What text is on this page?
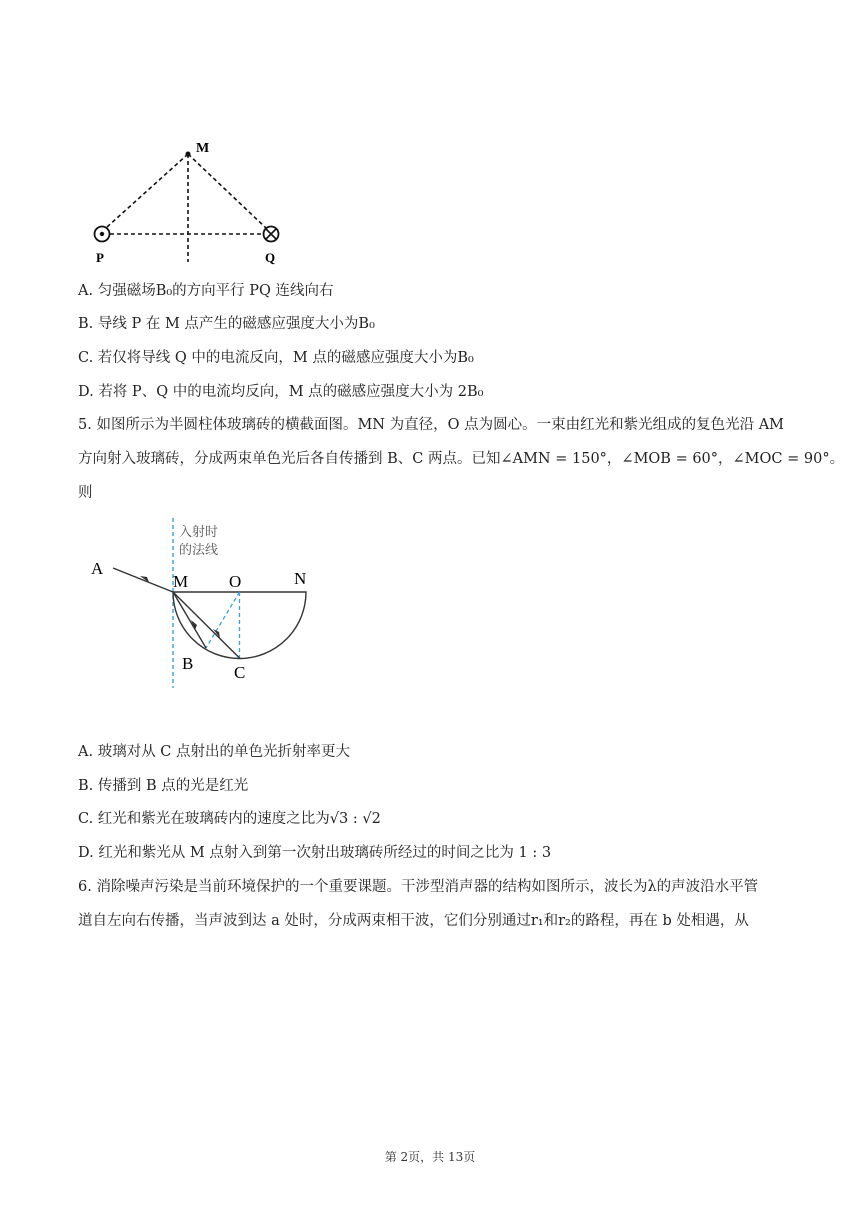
M
P	Q
A. 匀强磁场B₀的方向平行 PQ 连线向右
B. 导线 P 在 M 点产生的磁感应强度大小为B₀
C. 若仅将导线 Q 中的电流反向，M 点的磁感应强度大小为B₀
D. 若将 P、Q 中的电流均反向，M 点的磁感应强度大小为 2B₀
5. 如图所示为半圆柱体玻璃砖的横截面图。MN 为直径，O 点为圆心。一束由红光和紫光组成的复色光沿 AM
方向射入玻璃砖，分成两束单色光后各自传播到 B、C 两点。已知∠AMN = 150°，∠MOB = 60°，∠MOC = 90°。
则
入射时
的法线
A
M O	N
B C
A. 玻璃对从 C 点射出的单色光折射率更大
B. 传播到 B 点的光是红光
C. 红光和紫光在玻璃砖内的速度之比为√3 : √2
D. 红光和紫光从 M 点射入到第一次射出玻璃砖所经过的时间之比为 1 : 3
6. 消除噪声污染是当前环境保护的一个重要课题。干涉型消声器的结构如图所示，波长为λ的声波沿水平管
道自左向右传播，当声波到达 a 处时，分成两束相干波，它们分别通过r₁和r₂的路程，再在 b 处相遇，从
第 2页，共 13页
